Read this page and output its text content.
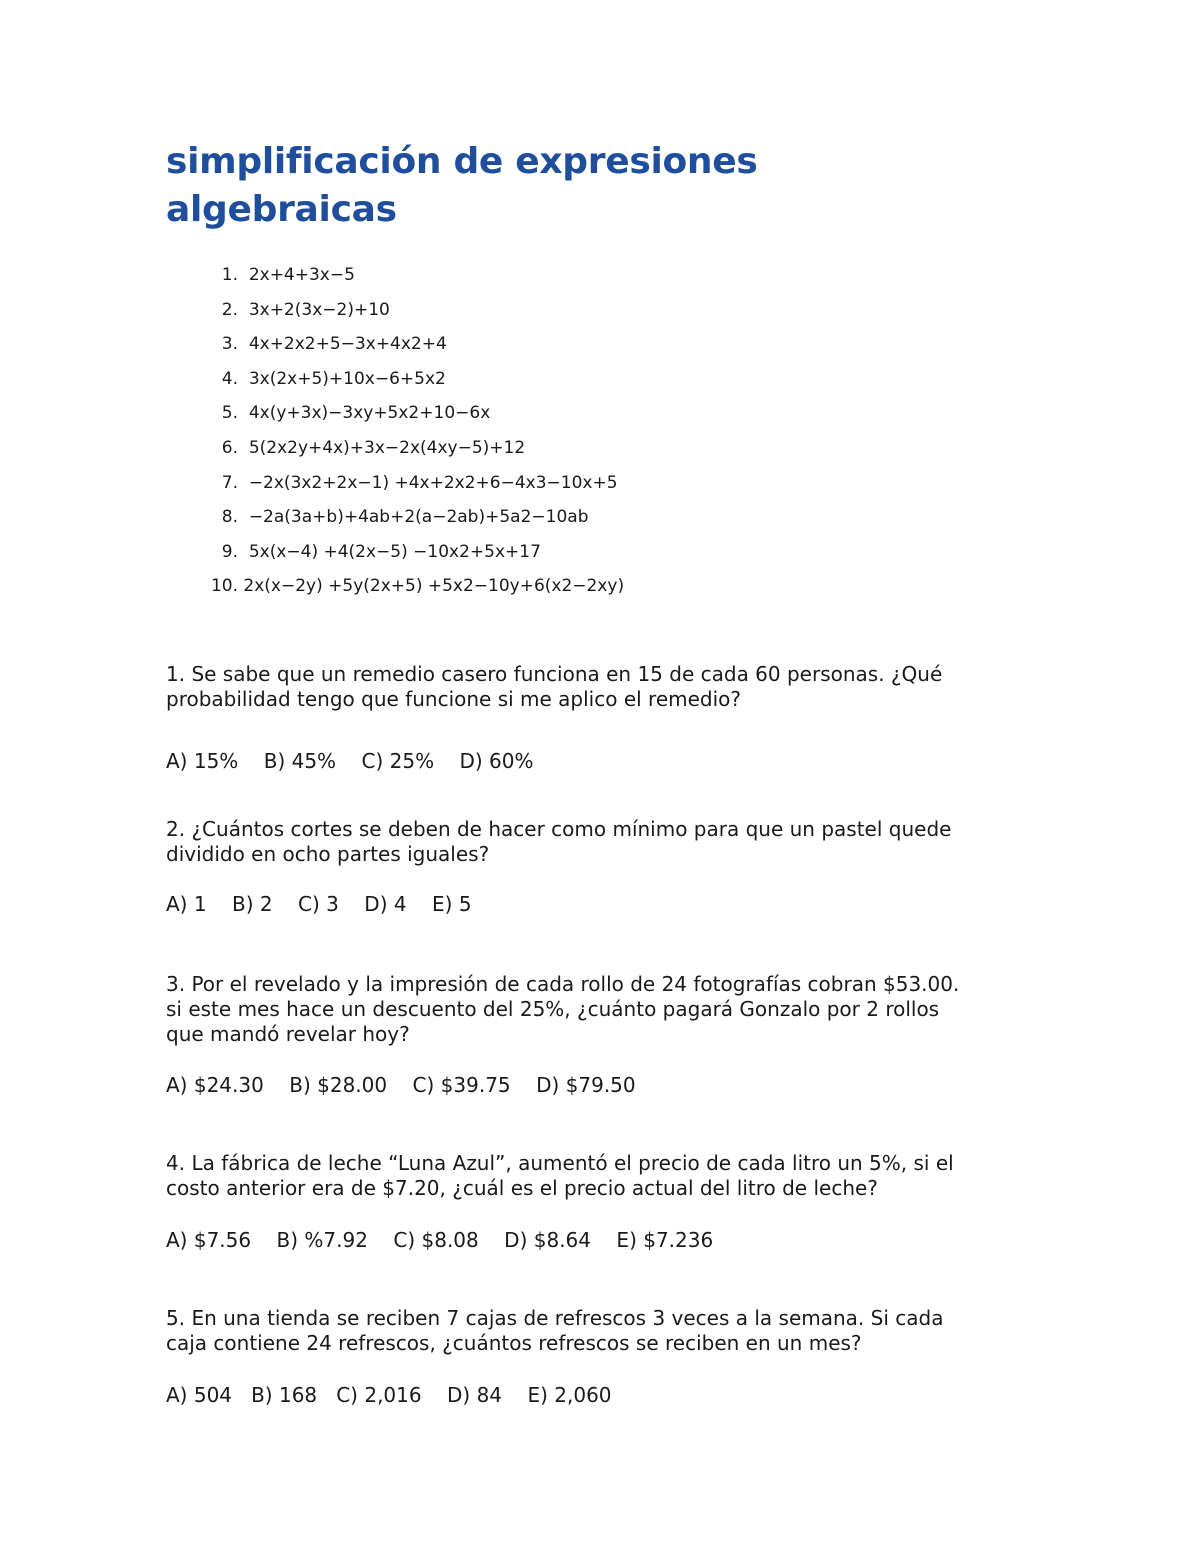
simplificación de expresiones algebraicas
1.
2x+4+3x−5
2.
3x+2(3x−2)+10
3.
4x+2x2+5−3x+4x2+4
4.
3x(2x+5)+10x−6+5x2
5.
4x(y+3x)−3xy+5x2+10−6x
6.
5(2x2y+4x)+3x−2x(4xy−5)+12
7.
−2x(3x2+2x−1) +4x+2x2+6−4x3−10x+5
8.
−2a(3a+b)+4ab+2(a−2ab)+5a2−10ab
9.
5x(x−4) +4(2x−5) −10x2+5x+17
10.
2x(x−2y) +5y(2x+5) +5x2−10y+6(x2−2xy)

1. Se sabe que un remedio casero funciona en 15 de cada 60 personas. ¿Qué probabilidad tengo que funcione si me aplico el remedio?

A) 15%    B) 45%    C) 25%    D) 60%

2. ¿Cuántos cortes se deben de hacer como mínimo para que un pastel quede dividido en ocho partes iguales?

A) 1    B) 2    C) 3    D) 4    E) 5

3. Por el revelado y la impresión de cada rollo de 24 fotografías cobran $53.00. si este mes hace un descuento del 25%, ¿cuánto pagará Gonzalo por 2 rollos que mandó revelar hoy?

A) $24.30    B) $28.00    C) $39.75    D) $79.50

4. La fábrica de leche “Luna Azul”, aumentó el precio de cada litro un 5%, si el costo anterior era de $7.20, ¿cuál es el precio actual del litro de leche?

A) $7.56    B) %7.92    C) $8.08    D) $8.64    E) $7.236

5. En una tienda se reciben 7 cajas de refrescos 3 veces a la semana. Si cada caja contiene 24 refrescos, ¿cuántos refrescos se reciben en un mes?

A) 504   B) 168   C) 2,016    D) 84    E) 2,060
